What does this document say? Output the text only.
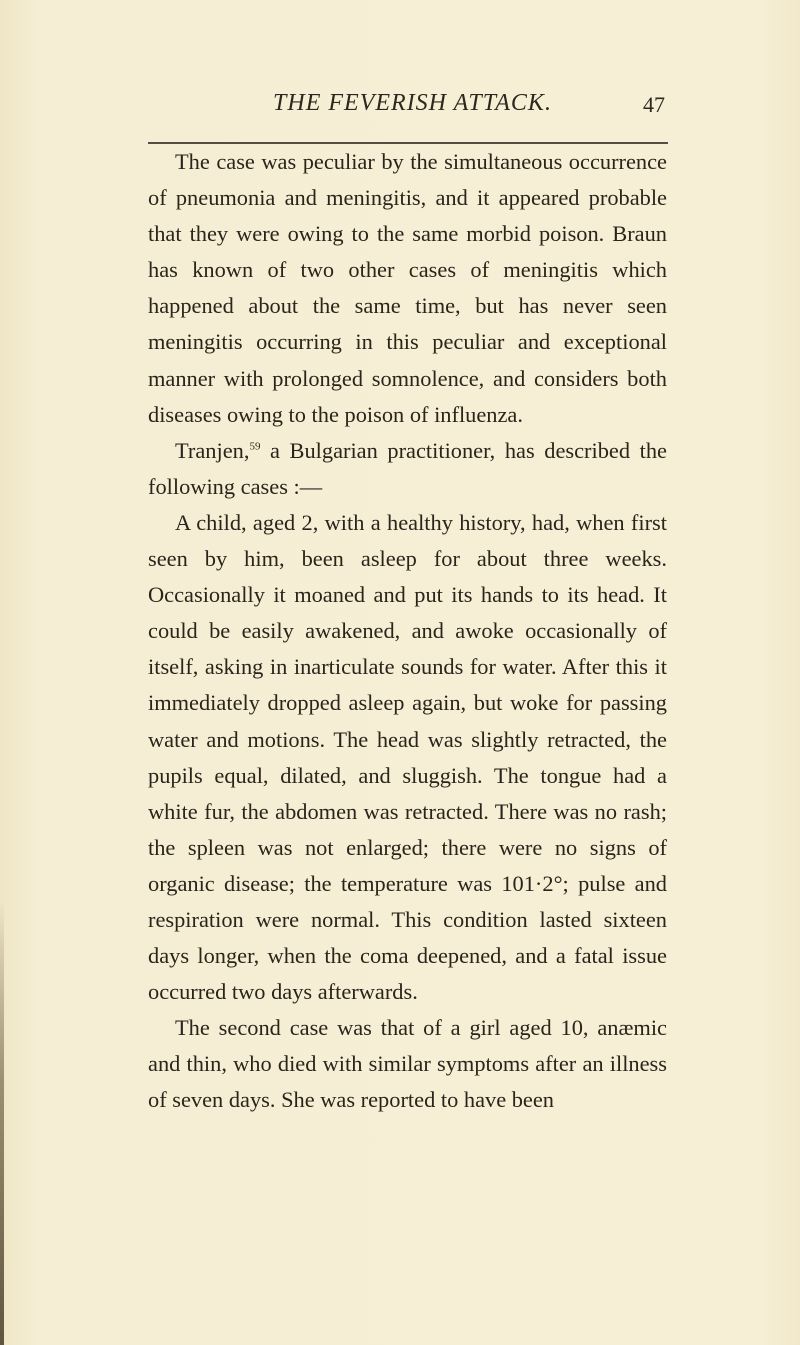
THE FEVERISH ATTACK.	47

The case was peculiar by the simultaneous occurrence of pneumonia and meningitis, and it appeared probable that they were owing to the same morbid poison. Braun has known of two other cases of meningitis which happened about the same time, but has never seen meningitis occurring in this peculiar and exceptional manner with prolonged somnolence, and considers both diseases owing to the poison of influenza.

Tranjen,$^{59}$ a Bulgarian practitioner, has described the following cases :—

A child, aged 2, with a healthy history, had, when first seen by him, been asleep for about three weeks. Occasionally it moaned and put its hands to its head. It could be easily awakened, and awoke occasionally of itself, asking in inarticulate sounds for water. After this it immediately dropped asleep again, but woke for passing water and motions. The head was slightly retracted, the pupils equal, dilated, and sluggish. The tongue had a white fur, the abdomen was retracted. There was no rash; the spleen was not enlarged; there were no signs of organic disease; the temperature was 101·2°; pulse and respiration were normal. This condition lasted sixteen days longer, when the coma deepened, and a fatal issue occurred two days afterwards.

The second case was that of a girl aged 10, anæmic and thin, who died with similar symptoms after an illness of seven days. She was reported to have been
